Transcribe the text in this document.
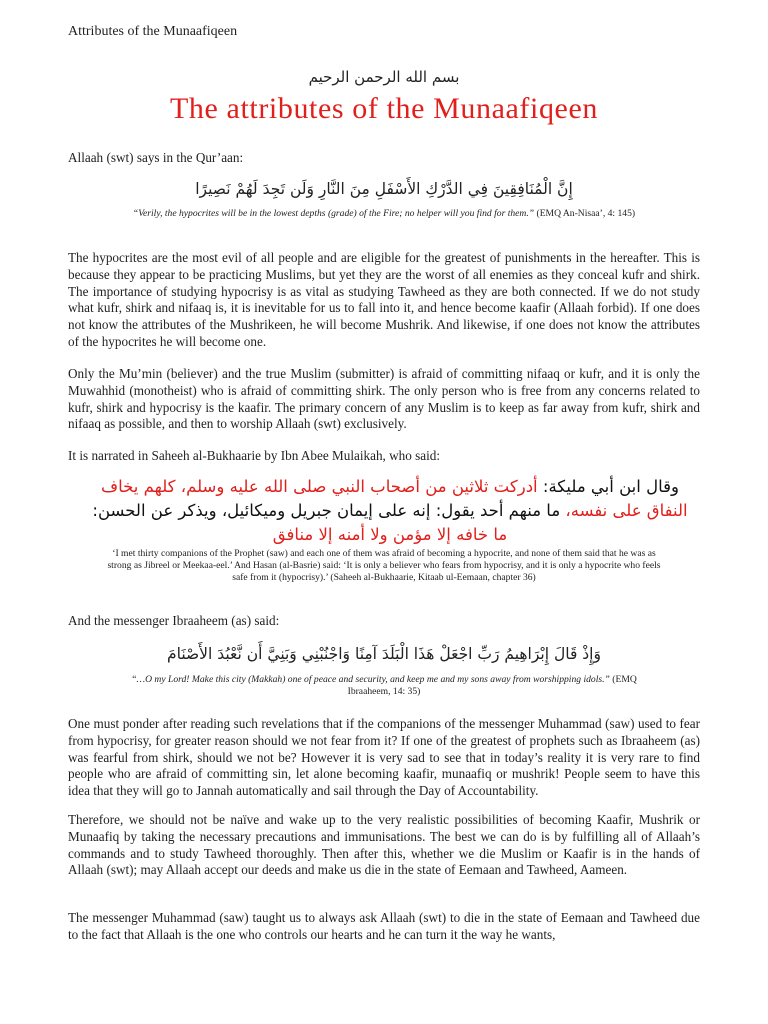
Attributes of the Munaafiqeen
بسم الله الرحمن الرحيم
The attributes of the Munaafiqeen

Allaah (swt) says in the Qur’aan:

إِنَّ الْمُنَافِقِينَ فِي الدَّرْكِ الأَسْفَلِ مِنَ النَّارِ وَلَن تَجِدَ لَهُمْ نَصِيرًا
“Verily, the hypocrites will be in the lowest depths (grade) of the Fire; no helper will you find for them.” (EMQ An-Nisaa’, 4: 145)

The hypocrites are the most evil of all people and are eligible for the greatest of punishments in the hereafter. This is because they appear to be practicing Muslims, but yet they are the worst of all enemies as they conceal kufr and shirk. The importance of studying hypocrisy is as vital as studying Tawheed as they are both connected. If we do not study what kufr, shirk and nifaaq is, it is inevitable for us to fall into it, and hence become kaafir (Allaah forbid). If one does not know the attributes of the Mushrikeen, he will become Mushrik. And likewise, if one does not know the attributes of the hypocrites he will become one.

Only the Mu’min (believer) and the true Muslim (submitter) is afraid of committing nifaaq or kufr, and it is only the Muwahhid (monotheist) who is afraid of committing shirk. The only person who is free from any concerns related to kufr, shirk and hypocrisy is the kaafir. The primary concern of any Muslim is to keep as far away from kufr, shirk and nifaaq as possible, and then to worship Allaah (swt) exclusively.

It is narrated in Saheeh al-Bukhaarie by Ibn Abee Mulaikah, who said:

وقال ابن أبي مليكة: أدركت ثلاثين من أصحاب النبي صلى الله عليه وسلم، كلهم يخاف النفاق على نفسه، ما منهم أحد يقول: إنه على إيمان جبريل وميكائيل، ويذكر عن الحسن: ما خافه إلا مؤمن ولا أمنه إلا منافق
‘I met thirty companions of the Prophet (saw) and each one of them was afraid of becoming a hypocrite, and none of them said that he was as strong as Jibreel or Meekaa-eel.’ And Hasan (al-Basrie) said: ‘It is only a believer who fears from hypocrisy, and it is only a hypocrite who feels safe from it (hypocrisy).’ (Saheeh al-Bukhaarie, Kitaab ul-Eemaan, chapter 36)

And the messenger Ibraaheem (as) said:

وَإِذْ قَالَ إِبْرَاهِيمُ رَبِّ اجْعَلْ هَذَا الْبَلَدَ آمِنًا وَاجْنُبْنِي وَبَنِيَّ أَن نَّعْبُدَ الأَصْنَامَ
“…O my Lord! Make this city (Makkah) one of peace and security, and keep me and my sons away from worshipping idols.” (EMQ Ibraaheem, 14: 35)

One must ponder after reading such revelations that if the companions of the messenger Muhammad (saw) used to fear from hypocrisy, for greater reason should we not fear from it? If one of the greatest of prophets such as Ibraaheem (as) was fearful from shirk, should we not be? However it is very sad to see that in today’s reality it is very rare to find people who are afraid of committing sin, let alone becoming kaafir, munaafiq or mushrik! People seem to have this idea that they will go to Jannah automatically and sail through the Day of Accountability.

Therefore, we should not be naïve and wake up to the very realistic possibilities of becoming Kaafir, Mushrik or Munaafiq by taking the necessary precautions and immunisations. The best we can do is by fulfilling all of Allaah’s commands and to study Tawheed thoroughly. Then after this, whether we die Muslim or Kaafir is in the hands of Allaah (swt); may Allaah accept our deeds and make us die in the state of Eemaan and Tawheed, Aameen.

The messenger Muhammad (saw) taught us to always ask Allaah (swt) to die in the state of Eemaan and Tawheed due to the fact that Allaah is the one who controls our hearts and he can turn it the way he wants,
